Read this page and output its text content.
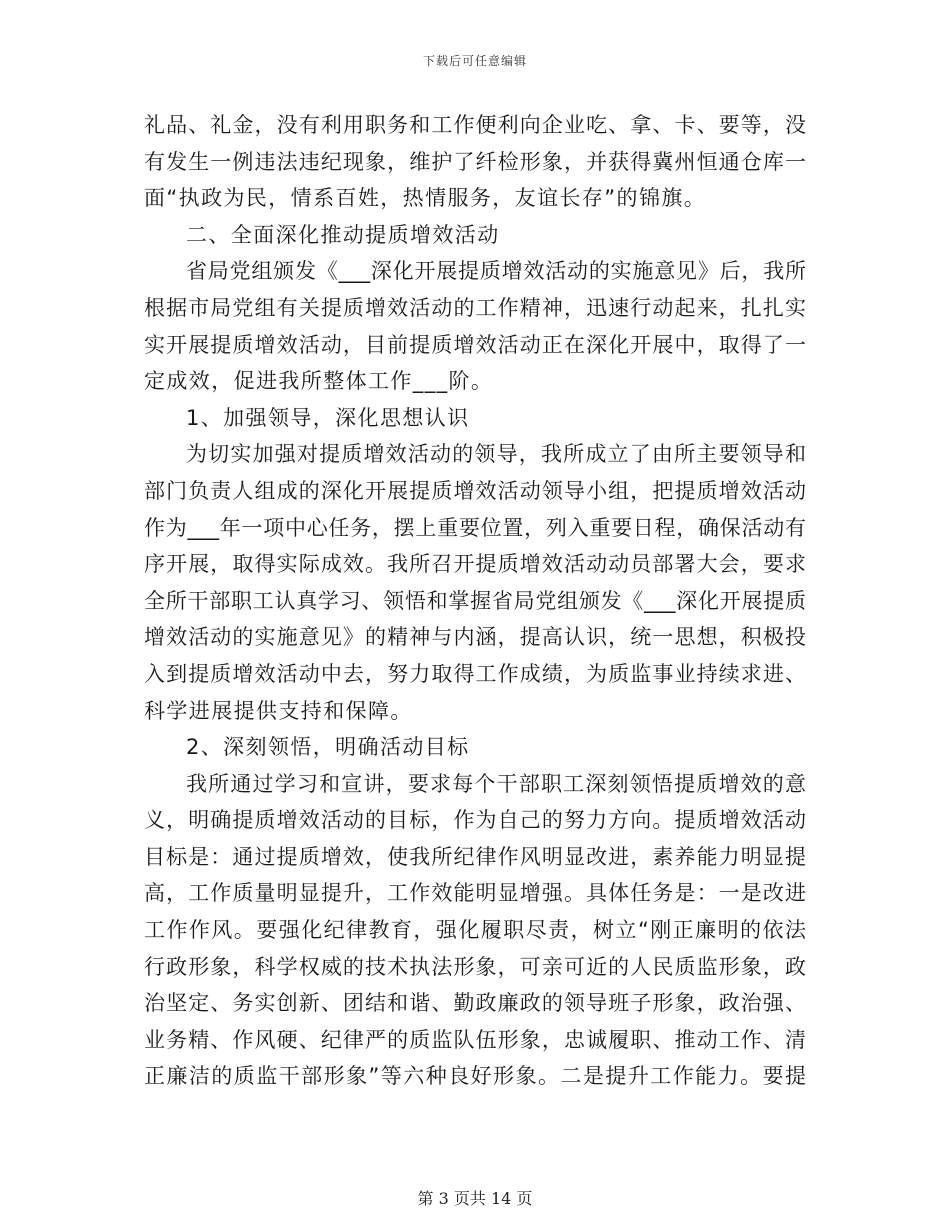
下载后可任意编辑
礼品、礼金，没有利用职务和工作便利向企业吃、拿、卡、要等，没
有发生一例违法违纪现象，维护了纤检形象，并获得冀州恒通仓库一
面“执政为民，情系百姓，热情服务，友谊长存”的锦旗。
二、全面深化推动提质增效活动
省局党组颁发《___深化开展提质增效活动的实施意见》后，我所
根据市局党组有关提质增效活动的工作精神，迅速行动起来，扎扎实
实开展提质增效活动，目前提质增效活动正在深化开展中，取得了一
定成效，促进我所整体工作___阶。
1、加强领导，深化思想认识
为切实加强对提质增效活动的领导，我所成立了由所主要领导和
部门负责人组成的深化开展提质增效活动领导小组，把提质增效活动
作为___年一项中心任务，摆上重要位置，列入重要日程，确保活动有
序开展，取得实际成效。我所召开提质增效活动动员部署大会，要求
全所干部职工认真学习、领悟和掌握省局党组颁发《___深化开展提质
增效活动的实施意见》的精神与内涵，提高认识，统一思想，积极投
入到提质增效活动中去，努力取得工作成绩，为质监事业持续求进、
科学进展提供支持和保障。
2、深刻领悟，明确活动目标
我所通过学习和宣讲，要求每个干部职工深刻领悟提质增效的意
义，明确提质增效活动的目标，作为自己的努力方向。提质增效活动
目标是：通过提质增效，使我所纪律作风明显改进，素养能力明显提
高，工作质量明显提升，工作效能明显增强。具体任务是：一是改进
工作作风。要强化纪律教育，强化履职尽责，树立“刚正廉明的依法
行政形象，科学权威的技术执法形象，可亲可近的人民质监形象，政
治坚定、务实创新、团结和谐、勤政廉政的领导班子形象，政治强、
业务精、作风硬、纪律严的质监队伍形象，忠诚履职、推动工作、清
正廉洁的质监干部形象”等六种良好形象。二是提升工作能力。要提
第 3 页共 14 页
